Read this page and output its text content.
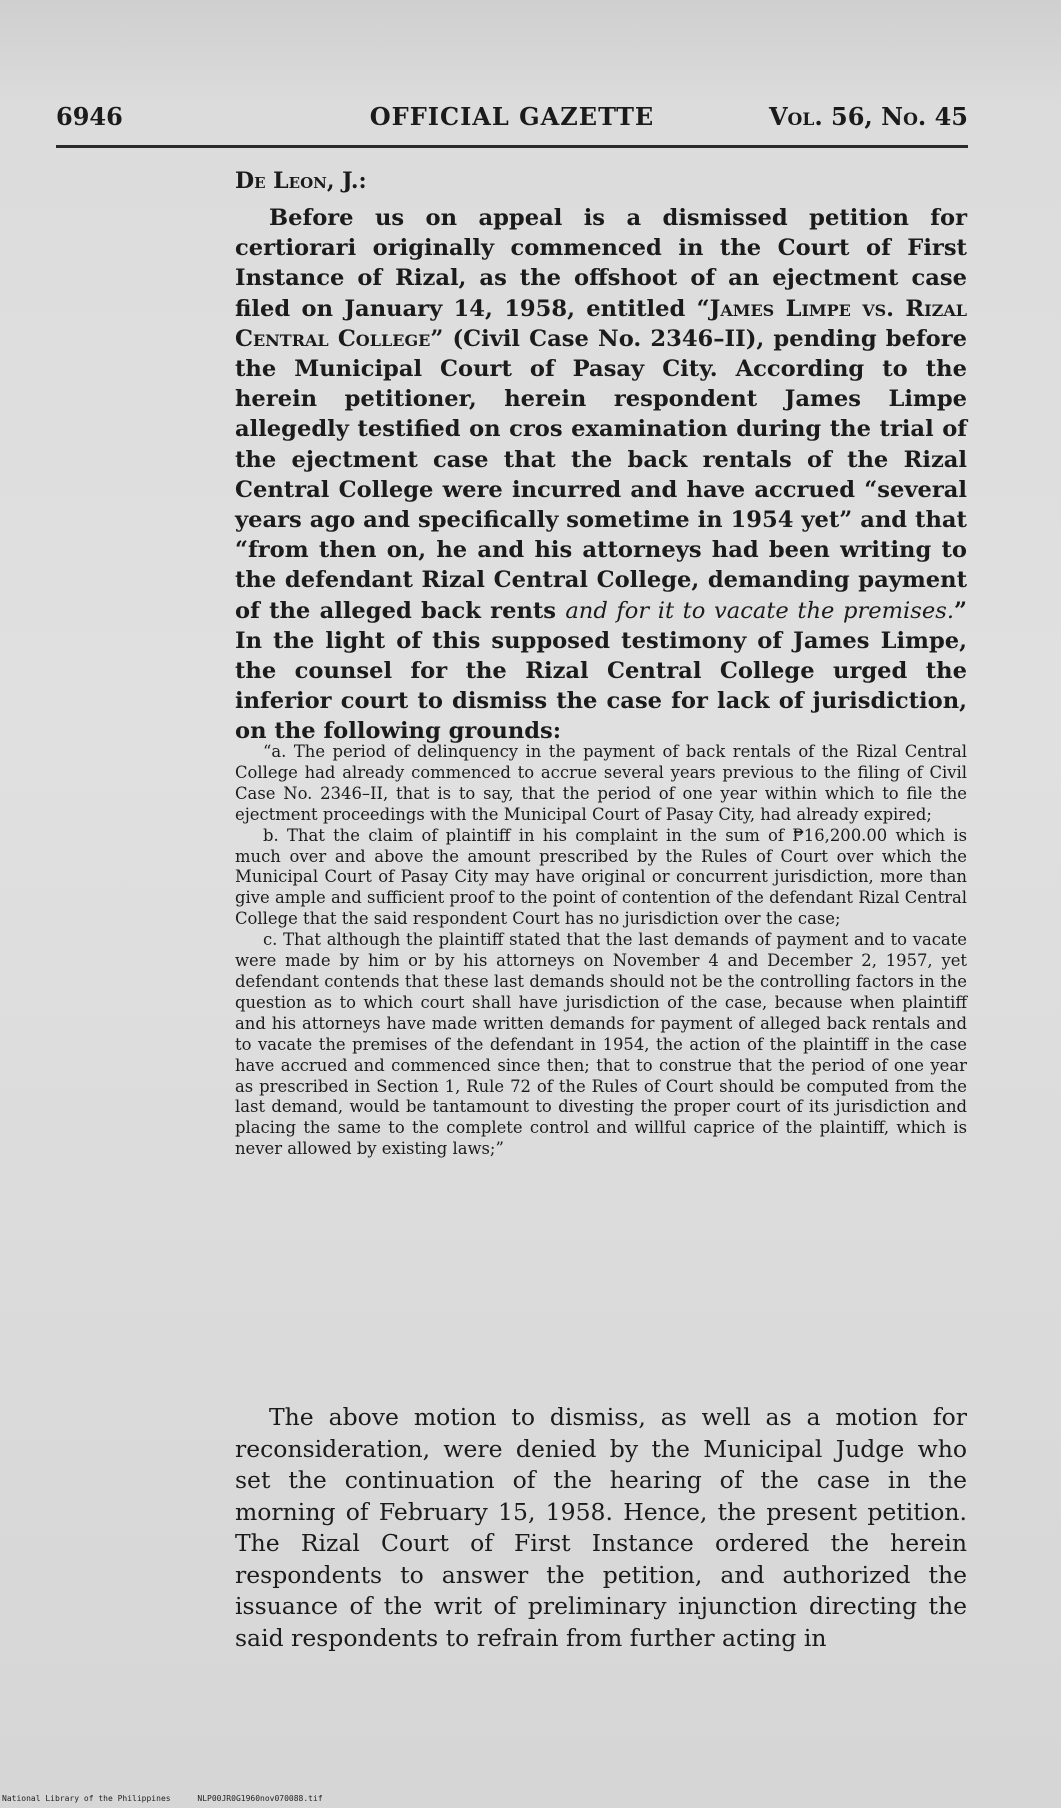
6946	OFFICIAL GAZETTE	Vol. 56, No. 45
De Leon, J.:
Before us on appeal is a dismissed petition for certiorari originally commenced in the Court of First Instance of Rizal, as the offshoot of an ejectment case filed on January 14, 1958, entitled “James Limpe vs. Rizal Central College” (Civil Case No. 2346–II), pending before the Municipal Court of Pasay City. According to the herein petitioner, herein respondent James Limpe allegedly testified on cros examination during the trial of the ejectment case that the back rentals of the Rizal Central College were incurred and have accrued “several years ago and specifically sometime in 1954 yet” and that “from then on, he and his attorneys had been writing to the defendant Rizal Central College, demanding payment of the alleged back rents and for it to vacate the premises.” In the light of this supposed testimony of James Limpe, the counsel for the Rizal Central College urged the inferior court to dismiss the case for lack of jurisdiction, on the following grounds:

“a. The period of delinquency in the payment of back rentals of the Rizal Central College had already commenced to accrue several years previous to the filing of Civil Case No. 2346–II, that is to say, that the period of one year within which to file the ejectment proceedings with the Municipal Court of Pasay City, had already expired;

b. That the claim of plaintiff in his complaint in the sum of ₱16,200.00 which is much over and above the amount prescribed by the Rules of Court over which the Municipal Court of Pasay City may have original or concurrent jurisdiction, more than give ample and sufficient proof to the point of contention of the defendant Rizal Central College that the said respondent Court has no jurisdiction over the case;

c. That although the plaintiff stated that the last demands of payment and to vacate were made by him or by his attorneys on November 4 and December 2, 1957, yet defendant contends that these last demands should not be the controlling factors in the question as to which court shall have jurisdiction of the case, because when plaintiff and his attorneys have made written demands for payment of alleged back rentals and to vacate the premises of the defendant in 1954, the action of the plaintiff in the case have accrued and commenced since then; that to construe that the period of one year as prescribed in Section 1, Rule 72 of the Rules of Court should be computed from the last demand, would be tantamount to divesting the proper court of its jurisdiction and placing the same to the complete control and willful caprice of the plaintiff, which is never allowed by existing laws;”

The above motion to dismiss, as well as a motion for reconsideration, were denied by the Municipal Judge who set the continuation of the hearing of the case in the morning of February 15, 1958. Hence, the present petition. The Rizal Court of First Instance ordered the herein respondents to answer the petition, and authorized the issuance of the writ of preliminary injunction directing the said respondents to refrain from further acting in
National Library of the Philippines	NLP00JR0G1960nov070088.tif
